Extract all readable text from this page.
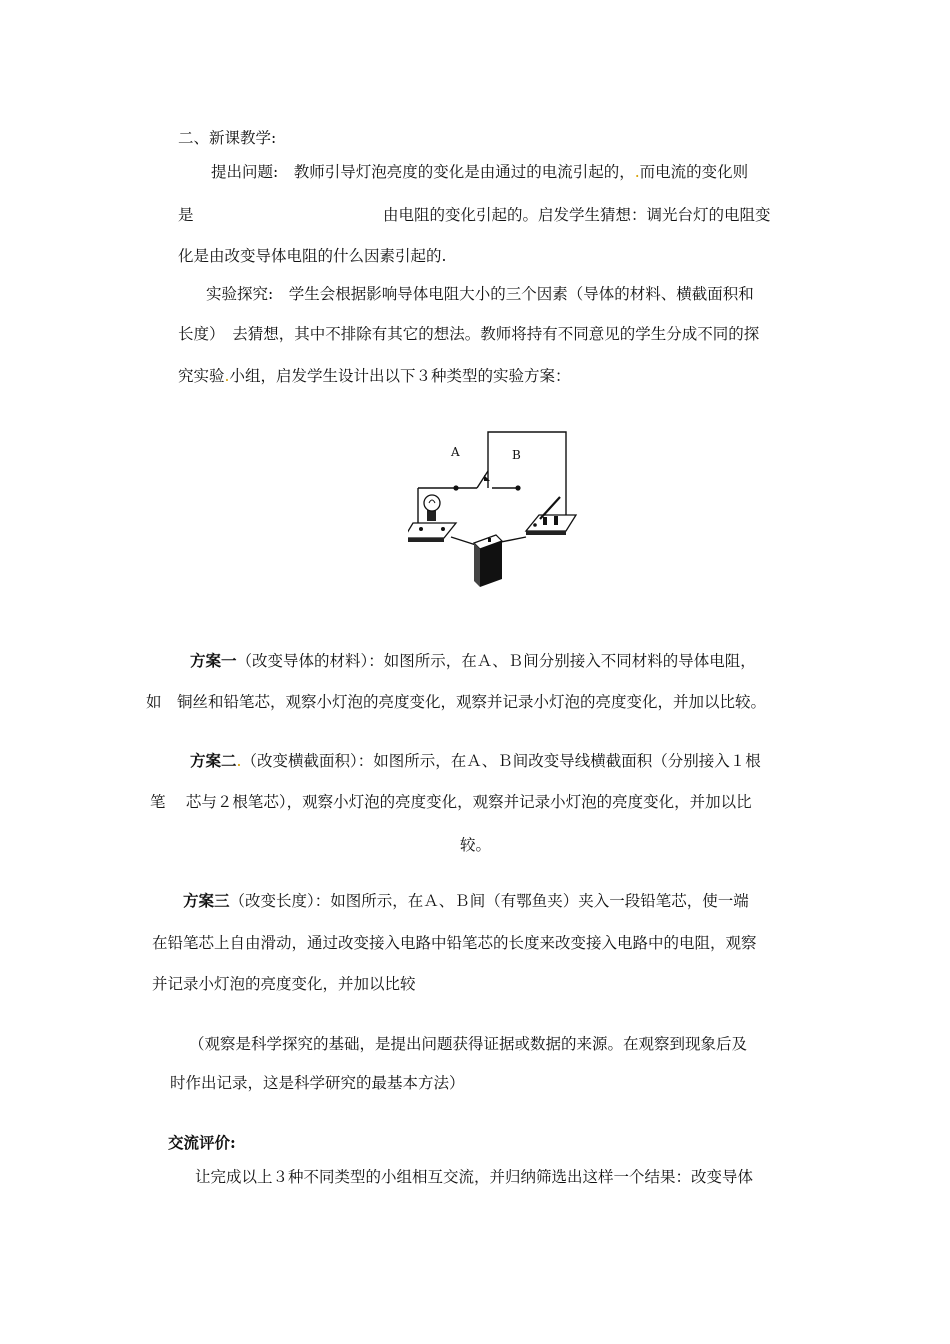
二、新课教学:
提出问题:　教师引导灯泡亮度的变化是由通过的电流引起的，.而电流的变化则
是	由电阻的变化引起的。启发学生猜想：调光台灯的电阻变
化是由改变导体电阻的什么因素引起的.
实验探究:　学生会根据影响导体电阻大小的三个因素（导体的材料、横截面积和
长度）　去猜想，其中不排除有其它的想法。教师将持有不同意见的学生分成不同的探
究实验.小组，启发学生设计出以下３种类型的实验方案：
A	B
方案一（改变导体的材料）：如图所示，在Ａ、Ｂ间分别接入不同材料的导体电阻，
如　铜丝和铅笔芯，观察小灯泡的亮度变化，观察并记录小灯泡的亮度变化，并加以比较。
方案二.（改变横截面积）：如图所示，在Ａ、Ｂ间改变导线横截面积（分别接入１根
笔　 芯与２根笔芯），观察小灯泡的亮度变化，观察并记录小灯泡的亮度变化，并加以比
较。
方案三（改变长度）：如图所示，在Ａ、Ｂ间（有鄂鱼夹）夹入一段铅笔芯，使一端
在铅笔芯上自由滑动，通过改变接入电路中铅笔芯的长度来改变接入电路中的电阻，观察
并记录小灯泡的亮度变化，并加以比较
（观察是科学探究的基础，是提出问题获得证据或数据的来源。在观察到现象后及
时作出记录，这是科学研究的最基本方法）
交流评价:
让完成以上３种不同类型的小组相互交流，并归纳筛选出这样一个结果：改变导体
